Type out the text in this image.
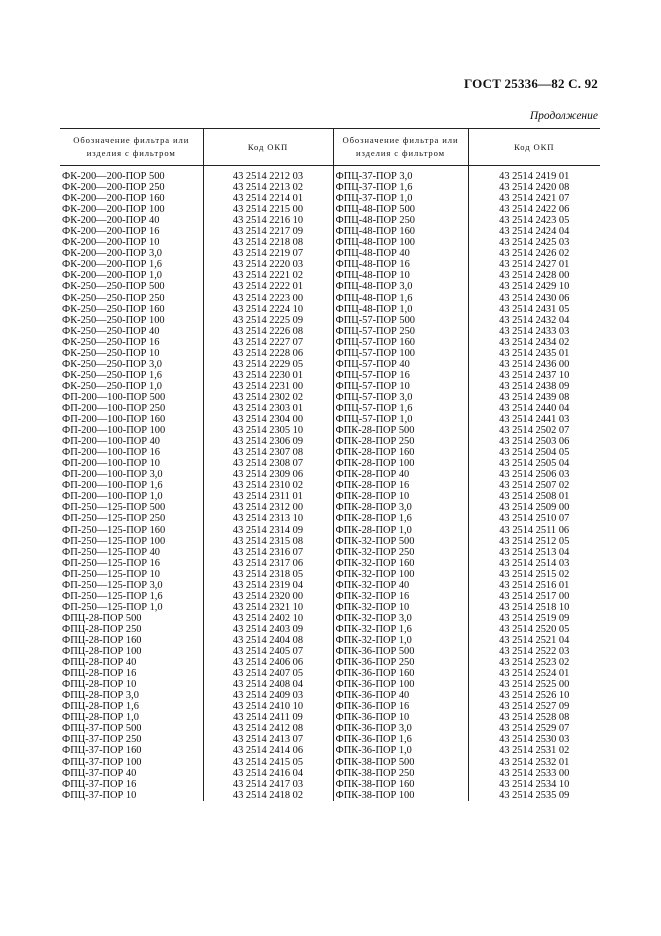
ГОСТ 25336—82 С. 92
Продолжение
Обозначение фильтра или изделия с фильтром	Код ОКП	Обозначение фильтра или изделия с фильтром	Код ОКП

ФК-200—200-ПОР 500	43 2514 2212 03	ФПЦ-37-ПОР 3,0	43 2514 2419 01
ФК-200—200-ПОР 250	43 2514 2213 02	ФПЦ-37-ПОР 1,6	43 2514 2420 08
ФК-200—200-ПОР 160	43 2514 2214 01	ФПЦ-37-ПОР 1,0	43 2514 2421 07
ФК-200—200-ПОР 100	43 2514 2215 00	ФПЦ-48-ПОР 500	43 2514 2422 06
ФК-200—200-ПОР 40	43 2514 2216 10	ФПЦ-48-ПОР 250	43 2514 2423 05
ФК-200—200-ПОР 16	43 2514 2217 09	ФПЦ-48-ПОР 160	43 2514 2424 04
ФК-200—200-ПОР 10	43 2514 2218 08	ФПЦ-48-ПОР 100	43 2514 2425 03
ФК-200—200-ПОР 3,0	43 2514 2219 07	ФПЦ-48-ПОР 40	43 2514 2426 02
ФК-200—200-ПОР 1,6	43 2514 2220 03	ФПЦ-48-ПОР 16	43 2514 2427 01
ФК-200—200-ПОР 1,0	43 2514 2221 02	ФПЦ-48-ПОР 10	43 2514 2428 00
ФК-250—250-ПОР 500	43 2514 2222 01	ФПЦ-48-ПОР 3,0	43 2514 2429 10
ФК-250—250-ПОР 250	43 2514 2223 00	ФПЦ-48-ПОР 1,6	43 2514 2430 06
ФК-250—250-ПОР 160	43 2514 2224 10	ФПЦ-48-ПОР 1,0	43 2514 2431 05
ФК-250—250-ПОР 100	43 2514 2225 09	ФПЦ-57-ПОР 500	43 2514 2432 04
ФК-250—250-ПОР 40	43 2514 2226 08	ФПЦ-57-ПОР 250	43 2514 2433 03
ФК-250—250-ПОР 16	43 2514 2227 07	ФПЦ-57-ПОР 160	43 2514 2434 02
ФК-250—250-ПОР 10	43 2514 2228 06	ФПЦ-57-ПОР 100	43 2514 2435 01
ФК-250—250-ПОР 3,0	43 2514 2229 05	ФПЦ-57-ПОР 40	43 2514 2436 00
ФК-250—250-ПОР 1,6	43 2514 2230 01	ФПЦ-57-ПОР 16	43 2514 2437 10
ФК-250—250-ПОР 1,0	43 2514 2231 00	ФПЦ-57-ПОР 10	43 2514 2438 09
ФП-200—100-ПОР 500	43 2514 2302 02	ФПЦ-57-ПОР 3,0	43 2514 2439 08
ФП-200—100-ПОР 250	43 2514 2303 01	ФПЦ-57-ПОР 1,6	43 2514 2440 04
ФП-200—100-ПОР 160	43 2514 2304 00	ФПЦ-57-ПОР 1,0	43 2514 2441 03
ФП-200—100-ПОР 100	43 2514 2305 10	ФПК-28-ПОР 500	43 2514 2502 07
ФП-200—100-ПОР 40	43 2514 2306 09	ФПК-28-ПОР 250	43 2514 2503 06
ФП-200—100-ПОР 16	43 2514 2307 08	ФПК-28-ПОР 160	43 2514 2504 05
ФП-200—100-ПОР 10	43 2514 2308 07	ФПК-28-ПОР 100	43 2514 2505 04
ФП-200—100-ПОР 3,0	43 2514 2309 06	ФПК-28-ПОР 40	43 2514 2506 03
ФП-200—100-ПОР 1,6	43 2514 2310 02	ФПК-28-ПОР 16	43 2514 2507 02
ФП-200—100-ПОР 1,0	43 2514 2311 01	ФПК-28-ПОР 10	43 2514 2508 01
ФП-250—125-ПОР 500	43 2514 2312 00	ФПК-28-ПОР 3,0	43 2514 2509 00
ФП-250—125-ПОР 250	43 2514 2313 10	ФПК-28-ПОР 1,6	43 2514 2510 07
ФП-250—125-ПОР 160	43 2514 2314 09	ФПК-28-ПОР 1,0	43 2514 2511 06
ФП-250—125-ПОР 100	43 2514 2315 08	ФПК-32-ПОР 500	43 2514 2512 05
ФП-250—125-ПОР 40	43 2514 2316 07	ФПК-32-ПОР 250	43 2514 2513 04
ФП-250—125-ПОР 16	43 2514 2317 06	ФПК-32-ПОР 160	43 2514 2514 03
ФП-250—125-ПОР 10	43 2514 2318 05	ФПК-32-ПОР 100	43 2514 2515 02
ФП-250—125-ПОР 3,0	43 2514 2319 04	ФПК-32-ПОР 40	43 2514 2516 01
ФП-250—125-ПОР 1,6	43 2514 2320 00	ФПК-32-ПОР 16	43 2514 2517 00
ФП-250—125-ПОР 1,0	43 2514 2321 10	ФПК-32-ПОР 10	43 2514 2518 10
ФПЦ-28-ПОР 500	43 2514 2402 10	ФПК-32-ПОР 3,0	43 2514 2519 09
ФПЦ-28-ПОР 250	43 2514 2403 09	ФПК-32-ПОР 1,6	43 2514 2520 05
ФПЦ-28-ПОР 160	43 2514 2404 08	ФПК-32-ПОР 1,0	43 2514 2521 04
ФПЦ-28-ПОР 100	43 2514 2405 07	ФПК-36-ПОР 500	43 2514 2522 03
ФПЦ-28-ПОР 40	43 2514 2406 06	ФПК-36-ПОР 250	43 2514 2523 02
ФПЦ-28-ПОР 16	43 2514 2407 05	ФПК-36-ПОР 160	43 2514 2524 01
ФПЦ-28-ПОР 10	43 2514 2408 04	ФПК-36-ПОР 100	43 2514 2525 00
ФПЦ-28-ПОР 3,0	43 2514 2409 03	ФПК-36-ПОР 40	43 2514 2526 10
ФПЦ-28-ПОР 1,6	43 2514 2410 10	ФПК-36-ПОР 16	43 2514 2527 09
ФПЦ-28-ПОР 1,0	43 2514 2411 09	ФПК-36-ПОР 10	43 2514 2528 08
ФПЦ-37-ПОР 500	43 2514 2412 08	ФПК-36-ПОР 3,0	43 2514 2529 07
ФПЦ-37-ПОР 250	43 2514 2413 07	ФПК-36-ПОР 1,6	43 2514 2530 03
ФПЦ-37-ПОР 160	43 2514 2414 06	ФПК-36-ПОР 1,0	43 2514 2531 02
ФПЦ-37-ПОР 100	43 2514 2415 05	ФПК-38-ПОР 500	43 2514 2532 01
ФПЦ-37-ПОР 40	43 2514 2416 04	ФПК-38-ПОР 250	43 2514 2533 00
ФПЦ-37-ПОР 16	43 2514 2417 03	ФПК-38-ПОР 160	43 2514 2534 10
ФПЦ-37-ПОР 10	43 2514 2418 02	ФПК-38-ПОР 100	43 2514 2535 09
